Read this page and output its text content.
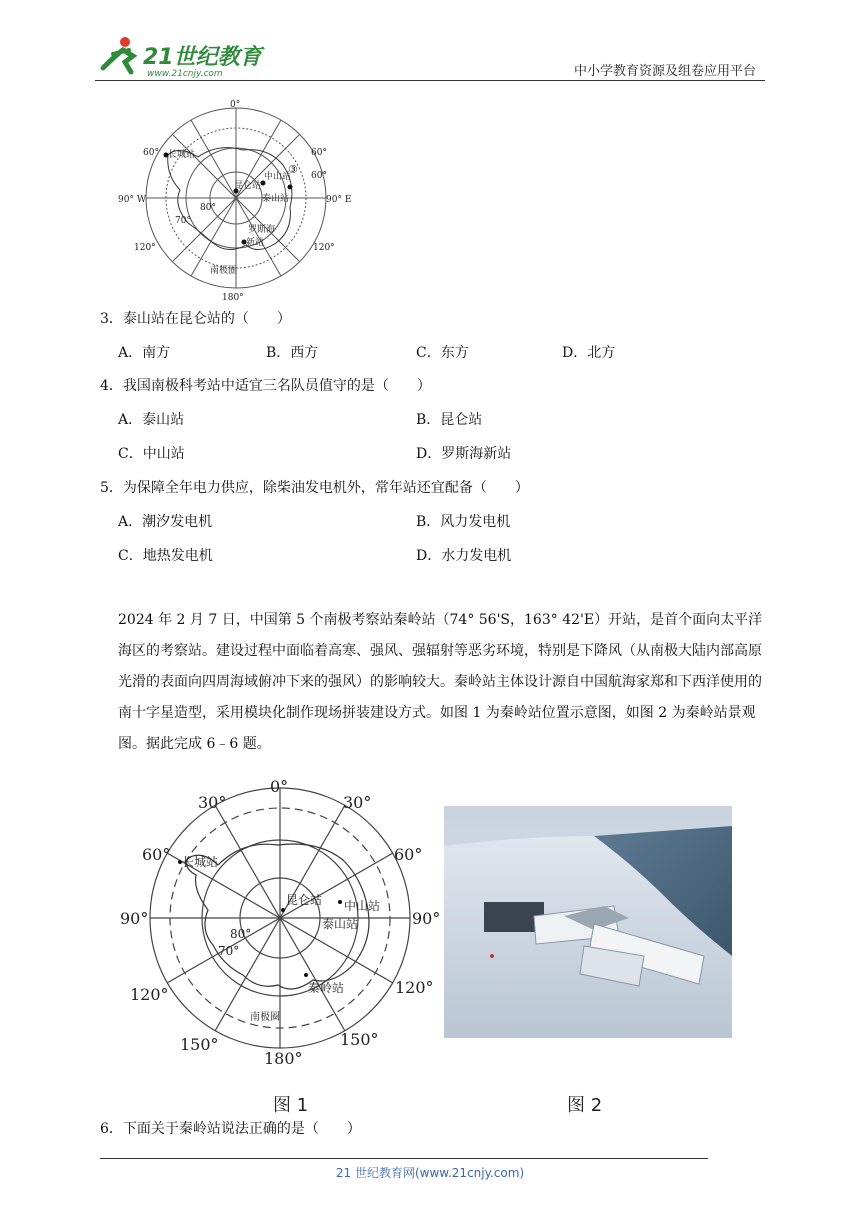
21世纪教育
www.21cnjy.com	中小学教育资源及组卷应用平台
0°
180°
90° W	90° E
60°	60°
60°
120°	120°
70°
80°
长城站
中山站
昆仑站
泰山站
罗斯海
新站
南极圈
③
3．泰山站在昆仑站的（　　）
A．南方	B．西方	C．东方	D．北方
4．我国南极科考站中适宜三名队员值守的是（　　）
A．泰山站	B．昆仑站
C．中山站	D．罗斯海新站
5．为保障全年电力供应，除柴油发电机外，常年站还宜配备（　　）
A．潮汐发电机	B．风力发电机
C．地热发电机	D．水力发电机
2024 年 2 月 7 日，中国第 5 个南极考察站秦岭站（74° 56'S，163° 42'E）开站，是首个面向太平洋海区的考察站。建设过程中面临着高寒、强风、强辐射等恶劣环境，特别是下降风（从南极大陆内部高原光滑的表面向四周海域俯冲下来的强风）的影响较大。秦岭站主体设计源自中国航海家郑和下西洋使用的南十字星造型，采用模块化制作现场拼装建设方式。如图 1 为秦岭站位置示意图，如图 2 为秦岭站景观图。据此完成 6﹣6 题。
0°
30°	30°
60°	60°
90°	90°
120°	120°
150°	150°
180°
70°
80°
长城站
昆仑站 中山站
泰山站
秦岭站
南极圈
图 1	图 2
6．下面关于秦岭站说法正确的是（　　）
21 世纪教育网(www.21cnjy.com)
